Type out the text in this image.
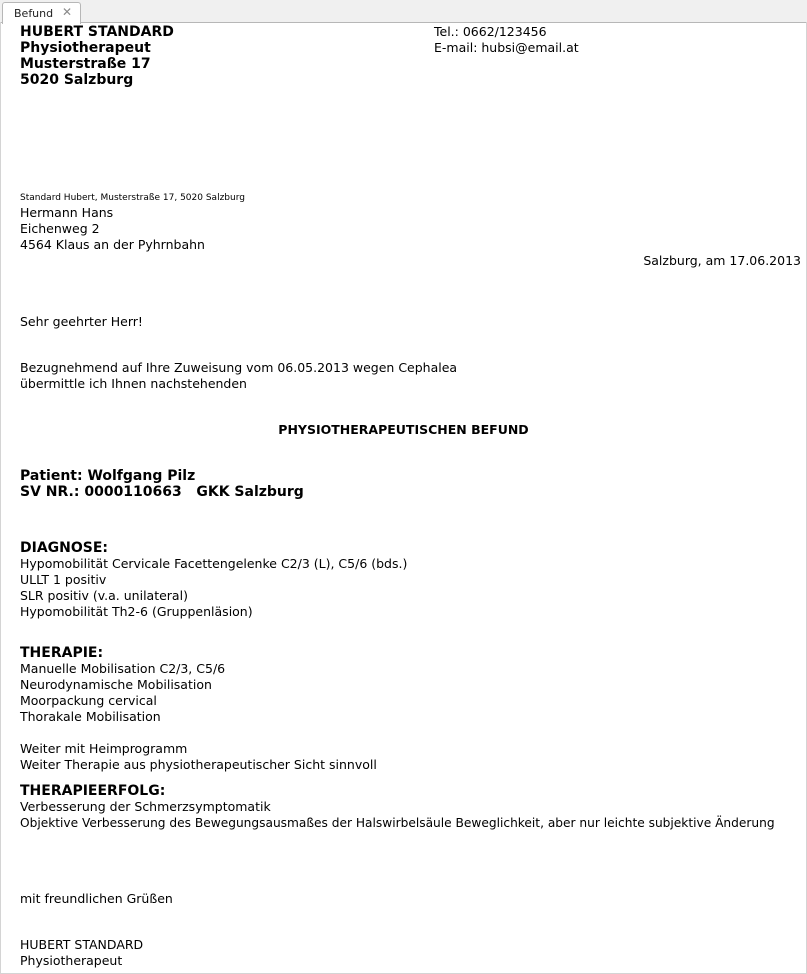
Befund ✕
HUBERT STANDARD
Physiotherapeut
Musterstraße 17
5020 Salzburg
Tel.: 0662/123456
E-mail: hubsi@email.at
Standard Hubert, Musterstraße 17, 5020 Salzburg
Hermann Hans
Eichenweg 2
4564 Klaus an der Pyhrnbahn
Salzburg, am 17.06.2013
Sehr geehrter Herr!
Bezugnehmend auf Ihre Zuweisung vom 06.05.2013 wegen Cephalea
übermittle ich Ihnen nachstehenden
PHYSIOTHERAPEUTISCHEN BEFUND
Patient: Wolfgang Pilz
SV NR.: 0000110663   GKK Salzburg
DIAGNOSE:
Hypomobilität Cervicale Facettengelenke C2/3 (L), C5/6 (bds.)
ULLT 1 positiv
SLR positiv (v.a. unilateral)
Hypomobilität Th2-6 (Gruppenläsion)
THERAPIE:
Manuelle Mobilisation C2/3, C5/6
Neurodynamische Mobilisation
Moorpackung cervical
Thorakale Mobilisation
Weiter mit Heimprogramm
Weiter Therapie aus physiotherapeutischer Sicht sinnvoll
THERAPIEERFOLG:
Verbesserung der Schmerzsymptomatik
Objektive Verbesserung des Bewegungsausmaßes der Halswirbelsäule Beweglichkeit, aber nur leichte subjektive Änderung
mit freundlichen Grüßen
HUBERT STANDARD
Physiotherapeut
